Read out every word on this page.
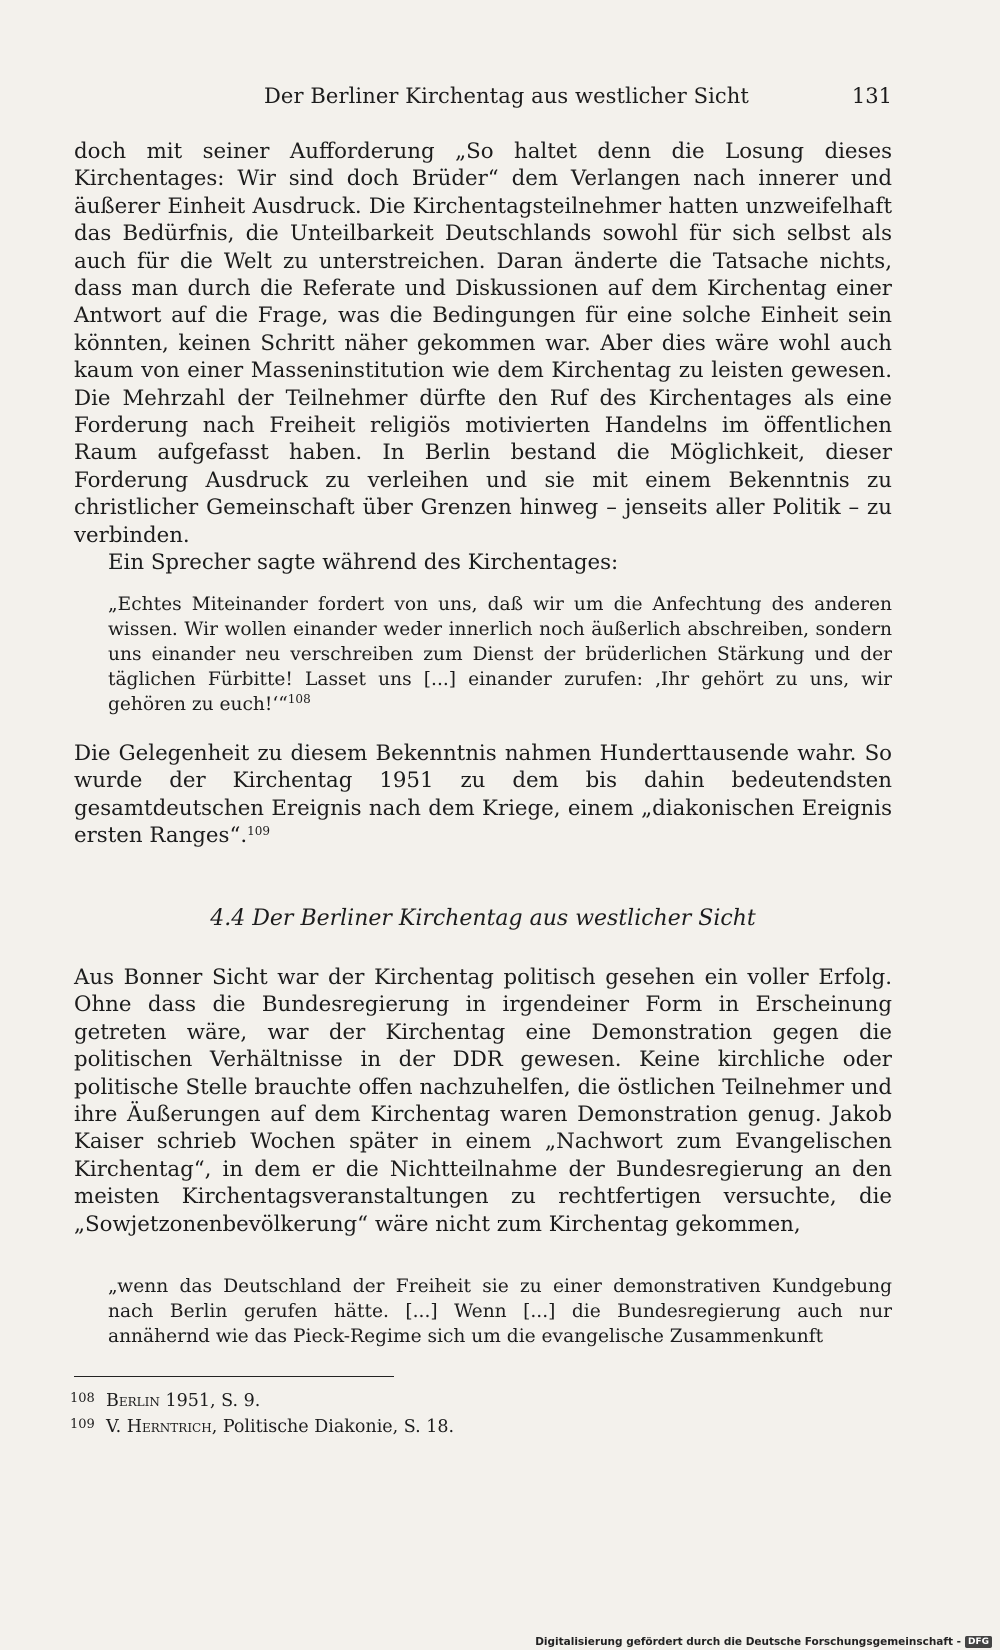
Der Berliner Kirchentag aus westlicher Sicht	131

doch mit seiner Aufforderung „So haltet denn die Losung dieses Kirchentages: Wir sind doch Brüder“ dem Verlangen nach innerer und äußerer Einheit Ausdruck. Die Kirchentagsteilnehmer hatten unzweifelhaft das Bedürfnis, die Unteilbarkeit Deutschlands sowohl für sich selbst als auch für die Welt zu unterstreichen. Daran änderte die Tatsache nichts, dass man durch die Referate und Diskussionen auf dem Kirchentag einer Antwort auf die Frage, was die Bedingungen für eine solche Einheit sein könnten, keinen Schritt näher gekommen war. Aber dies wäre wohl auch kaum von einer Masseninstitution wie dem Kirchentag zu leisten gewesen. Die Mehrzahl der Teilnehmer dürfte den Ruf des Kirchentages als eine Forderung nach Freiheit religiös motivierten Handelns im öffentlichen Raum aufgefasst haben. In Berlin bestand die Möglichkeit, dieser Forderung Ausdruck zu verleihen und sie mit einem Bekenntnis zu christlicher Gemeinschaft über Grenzen hinweg – jenseits aller Politik – zu verbinden.

Ein Sprecher sagte während des Kirchentages:

„Echtes Miteinander fordert von uns, daß wir um die Anfechtung des anderen wissen. Wir wollen einander weder innerlich noch äußerlich abschreiben, sondern uns einander neu verschreiben zum Dienst der brüderlichen Stärkung und der täglichen Fürbitte! Lasset uns [...] einander zurufen: ‚Ihr gehört zu uns, wir gehören zu euch!‘“$^{108}$

Die Gelegenheit zu diesem Bekenntnis nahmen Hunderttausende wahr. So wurde der Kirchentag 1951 zu dem bis dahin bedeutendsten gesamtdeutschen Ereignis nach dem Kriege, einem „diakonischen Ereignis ersten Ranges“.$^{109}$

4.4 Der Berliner Kirchentag aus westlicher Sicht

Aus Bonner Sicht war der Kirchentag politisch gesehen ein voller Erfolg. Ohne dass die Bundesregierung in irgendeiner Form in Erscheinung getreten wäre, war der Kirchentag eine Demonstration gegen die politischen Verhältnisse in der DDR gewesen. Keine kirchliche oder politische Stelle brauchte offen nachzuhelfen, die östlichen Teilnehmer und ihre Äußerungen auf dem Kirchentag waren Demonstration genug. Jakob Kaiser schrieb Wochen später in einem „Nachwort zum Evangelischen Kirchentag“, in dem er die Nichtteilnahme der Bundesregierung an den meisten Kirchentagsveranstaltungen zu rechtfertigen versuchte, die „Sowjetzonenbevölkerung“ wäre nicht zum Kirchentag gekommen,

„wenn das Deutschland der Freiheit sie zu einer demonstrativen Kundgebung nach Berlin gerufen hätte. [...] Wenn [...] die Bundesregierung auch nur annähernd wie das Pieck-Regime sich um die evangelische Zusammenkunft

108 Berlin 1951, S. 9.
109 V. Herntrich, Politische Diakonie, S. 18.
Digitalisierung gefördert durch die Deutsche Forschungsgemeinschaft - DFG
